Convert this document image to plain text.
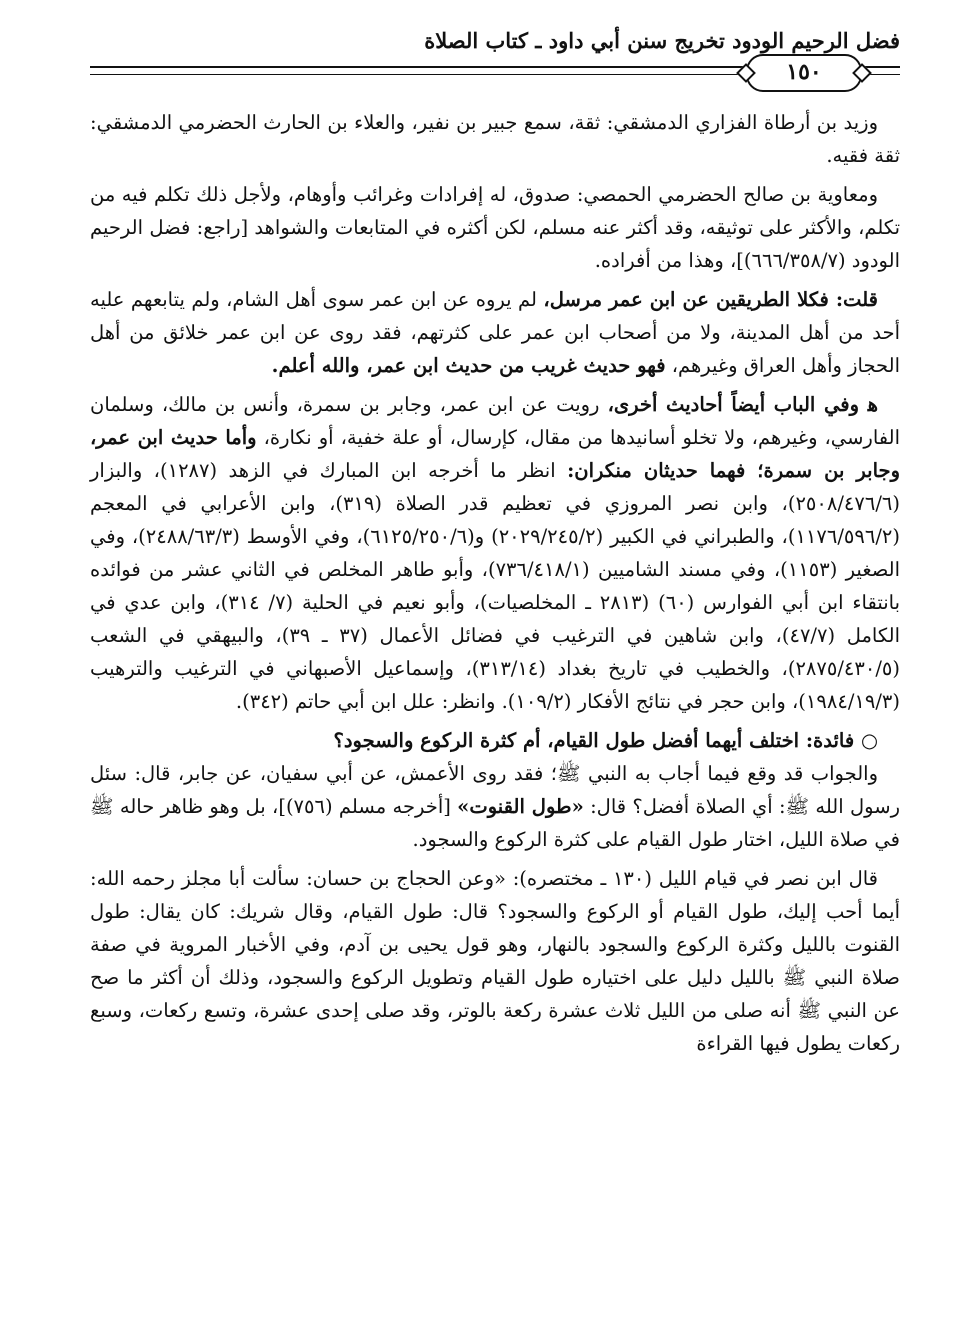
فضل الرحيم الودود تخريج سنن أبي داود ـ كتاب الصلاة
١٥٠

وزيد بن أرطاة الفزاري الدمشقي: ثقة، سمع جبير بن نفير، والعلاء بن الحارث الحضرمي الدمشقي: ثقة فقيه.

ومعاوية بن صالح الحضرمي الحمصي: صدوق، له إفرادات وغرائب وأوهام، ولأجل ذلك تكلم فيه من تكلم، والأكثر على توثيقه، وقد أكثر عنه مسلم، لكن أكثره في المتابعات والشواهد [راجع: فضل الرحيم الودود (٦٦٦/٣٥٨/٧)]، وهذا من أفراده.

قلت: فكلا الطريقين عن ابن عمر مرسل، لم يروه عن ابن عمر سوى أهل الشام، ولم يتابعهم عليه أحد من أهل المدينة، ولا من أصحاب ابن عمر على كثرتهم، فقد روى عن ابن عمر خلائق من أهل الحجاز وأهل العراق وغيرهم، فهو حديث غريب من حديث ابن عمر، والله أعلم.

ﻫ وفي الباب أيضاً أحاديث أخرى، رويت عن ابن عمر، وجابر بن سمرة، وأنس بن مالك، وسلمان الفارسي، وغيرهم، ولا تخلو أسانيدها من مقال، كإرسال، أو علة خفية، أو نكارة، وأما حديث ابن عمر، وجابر بن سمرة؛ فهما حديثان منكران: انظر ما أخرجه ابن المبارك في الزهد (١٢٨٧)، والبزار (٢٥٠٨/٤٧٦/٦)، وابن نصر المروزي في تعظيم قدر الصلاة (٣١٩)، وابن الأعرابي في المعجم (١١٧٦/٥٩٦/٢)، والطبراني في الكبير (٢٠٢٩/٢٤٥/٢) و(٦١٢٥/٢٥٠/٦)، وفي الأوسط (٢٤٨٨/٦٣/٣)، وفي الصغير (١١٥٣)، وفي مسند الشاميين (٧٣٦/٤١٨/١)، وأبو طاهر المخلص في الثاني عشر من فوائده بانتقاء ابن أبي الفوارس (٦٠) (٢٨١٣ ـ المخلصيات)، وأبو نعيم في الحلية (٧/ ٣١٤)، وابن عدي في الكامل (٤٧/٧)، وابن شاهين في الترغيب في فضائل الأعمال (٣٧ ـ ٣٩)، والبيهقي في الشعب (٢٨٧٥/٤٣٠/٥)، والخطيب في تاريخ بغداد (٣١٣/١٤)، وإسماعيل الأصبهاني في الترغيب والترهيب (١٩٨٤/١٩/٣)، وابن حجر في نتائج الأفكار (١٠٩/٢). وانظر: علل ابن أبي حاتم (٣٤٢).

○ فائدة: اختلف أيهما أفضل طول القيام، أم كثرة الركوع والسجود؟

والجواب قد وقع فيما أجاب به النبي ﷺ؛ فقد روى الأعمش، عن أبي سفيان، عن جابر، قال: سئل رسول الله ﷺ: أي الصلاة أفضل؟ قال: «طول القنوت» [أخرجه مسلم (٧٥٦)]، بل وهو ظاهر حاله ﷺ في صلاة الليل، اختار طول القيام على كثرة الركوع والسجود.

قال ابن نصر في قيام الليل (١٣٠ ـ مختصره): «وعن الحجاج بن حسان: سألت أبا مجلز رحمه الله: أيما أحب إليك، طول القيام أو الركوع والسجود؟ قال: طول القيام، وقال شريك: كان يقال: طول القنوت بالليل وكثرة الركوع والسجود بالنهار، وهو قول يحيى بن آدم، وفي الأخبار المروية في صفة صلاة النبي ﷺ بالليل دليل على اختياره طول القيام وتطويل الركوع والسجود، وذلك أن أكثر ما صح عن النبي ﷺ أنه صلى من الليل ثلاث عشرة ركعة بالوتر، وقد صلى إحدى عشرة، وتسع ركعات، وسبع ركعات يطول فيها القراءة
